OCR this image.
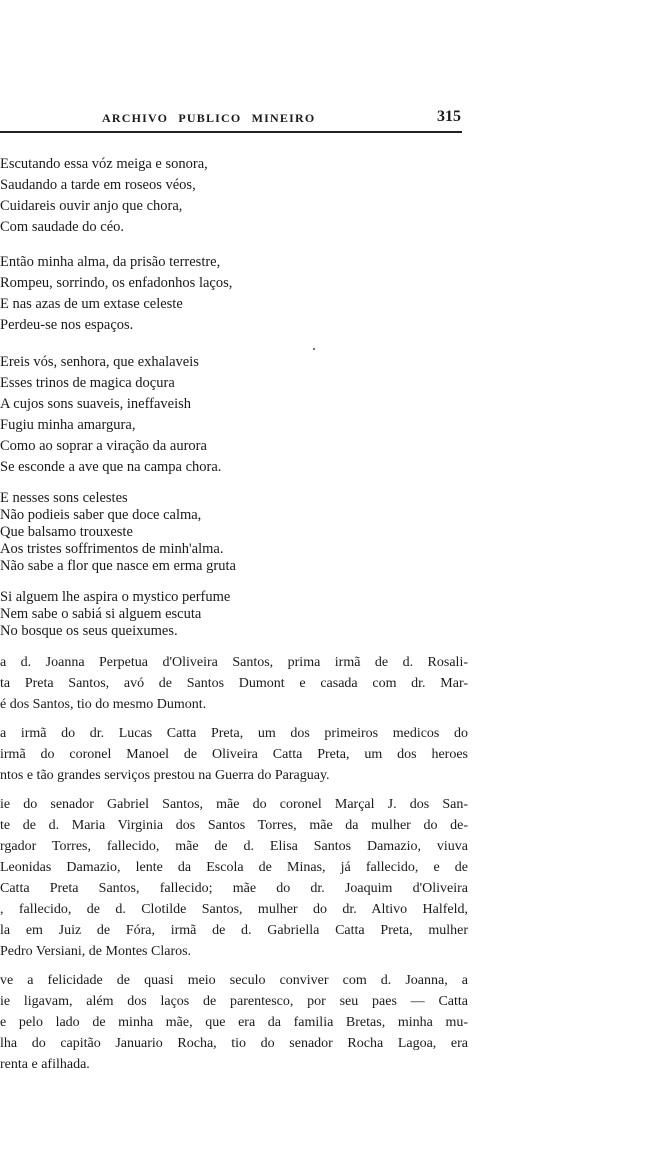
ARCHIVO PUBLICO MINEIRO	315
Escutando essa vóz meiga e sonora,
Saudando a tarde em roseos véos,
Cuidareis ouvir anjo que chora,
Com saudade do céo.
Então minha alma, da prisão terrestre,
Rompeu, sorrindo, os enfadonhos laços,
E nas azas de um extase celeste
Perdeu-se nos espaços.
Ereis vós, senhora, que exhalaveis
Esses trinos de magica doçura
A cujos sons suaveis, ineffaveish
Fugiu minha amargura,
Como ao soprar a viração da aurora
Se esconde a ave que na campa chora.
E nesses sons celestes
Não podieis saber que doce calma,
Que balsamo trouxeste
Aos tristes soffrimentos de minh'alma.
Não sabe a flor que nasce em erma gruta
Si alguem lhe aspira o mystico perfume
Nem sabe o sabiá si alguem escuta
No bosque os seus queixumes.
a d. Joanna Perpetua d'Oliveira Santos, prima irmã de d. Rosali-
ta Preta Santos, avó de Santos Dumont e casada com dr. Mar-
é dos Santos, tio do mesmo Dumont.
a irmã do dr. Lucas Catta Preta, um dos primeiros medicos do
irmã do coronel Manoel de Oliveira Catta Preta, um dos heroes
ntos e tão grandes serviços prestou na Guerra do Paraguay.
ie do senador Gabriel Santos, mãe do coronel Marçal J. dos San-
te de d. Maria Virginia dos Santos Torres, mãe da mulher do de-
rgador Torres, fallecido, mãe de d. Elisa Santos Damazio, viuva
Leonidas Damazio, lente da Escola de Minas, já fallecido, e de
Catta Preta Santos, fallecido; mãe do dr. Joaquim d'Oliveira
, fallecido, de d. Clotilde Santos, mulher do dr. Altivo Halfeld,
la em Juiz de Fóra, irmã de d. Gabriella Catta Preta, mulher
Pedro Versiani, de Montes Claros.
ve a felicidade de quasi meio seculo conviver com d. Joanna, a
ie ligavam, além dos laços de parentesco, por seu paes — Catta
e pelo lado de minha mãe, que era da familia Bretas, minha mu-
lha do capitão Januario Rocha, tio do senador Rocha Lagoa, era
renta e afilhada.
